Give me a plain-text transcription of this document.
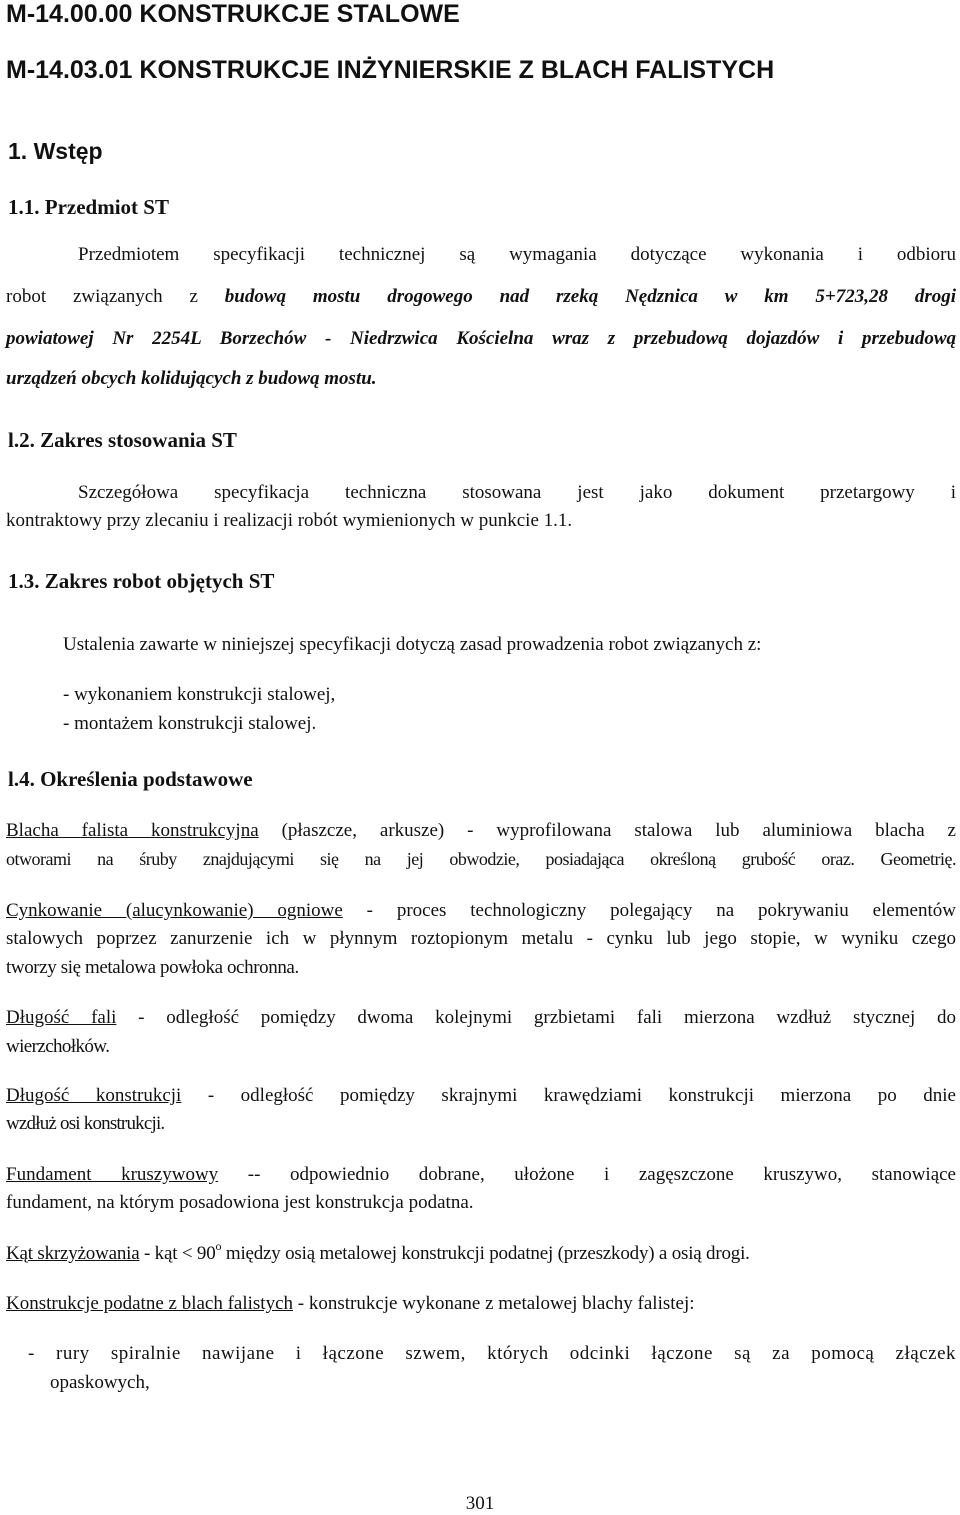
M-14.00.00 KONSTRUKCJE STALOWE
M-14.03.01 KONSTRUKCJE INŻYNIERSKIE Z BLACH FALISTYCH
1. Wstęp
1.1. Przedmiot ST
Przedmiotem specyfikacji technicznej są wymagania dotyczące wykonania i odbioru
robot związanych z budową mostu drogowego nad rzeką Nędznica w km 5+723,28 drogi
powiatowej Nr 2254L Borzechów - Niedrzwica Kościelna wraz z przebudową dojazdów i przebudową
urządzeń obcych kolidujących z budową mostu.
l.2. Zakres stosowania ST
Szczegółowa specyfikacja techniczna stosowana jest jako dokument przetargowy i
kontraktowy przy zlecaniu i realizacji robót wymienionych w punkcie 1.1.
1.3. Zakres robot objętych ST
Ustalenia zawarte w niniejszej specyfikacji dotyczą zasad prowadzenia robot związanych z:
- wykonaniem konstrukcji stalowej,
- montażem konstrukcji stalowej.
l.4. Określenia podstawowe
Blacha falista konstrukcyjna (płaszcze, arkusze) - wyprofilowana stalowa lub aluminiowa blacha z
otworami na śruby znajdującymi się na jej obwodzie, posiadająca określoną grubość oraz. Geometrię.
Cynkowanie (alucynkowanie) ogniowe - proces technologiczny polegający na pokrywaniu elementów
stalowych poprzez zanurzenie ich w płynnym roztopionym metalu - cynku lub jego stopie, w wyniku czego
tworzy się metalowa powłoka ochronna.
Długość fali - odległość pomiędzy dwoma kolejnymi grzbietami fali mierzona wzdłuż stycznej do
wierzchołków.
Długość konstrukcji - odległość pomiędzy skrajnymi krawędziami konstrukcji mierzona po dnie
wzdłuż osi konstrukcji.
Fundament kruszywowy -- odpowiednio dobrane, ułożone i zagęszczone kruszywo, stanowiące
fundament, na którym posadowiona jest konstrukcja podatna.
Kąt skrzyżowania - kąt < $90^o$ między osią metalowej konstrukcji podatnej (przeszkody) a osią drogi.
Konstrukcje podatne z blach falistych - konstrukcje wykonane z metalowej blachy falistej:
- rury spiralnie nawijane i łączone szwem, których odcinki łączone są za pomocą złączek
opaskowych,
301
